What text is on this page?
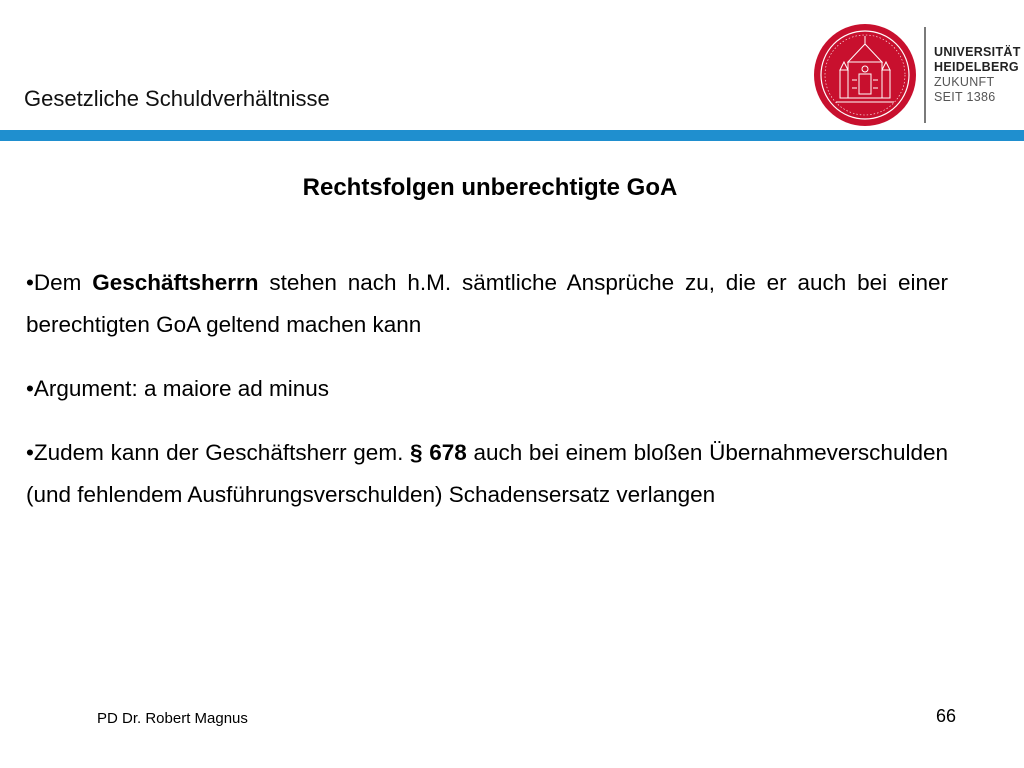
Gesetzliche Schuldverhältnisse
UNIVERSITÄT
HEIDELBERG
ZUKUNFT
SEIT 1386
Rechtsfolgen unberechtigte GoA

•Dem Geschäftsherrn stehen nach h.M. sämtliche Ansprüche zu, die er auch bei einer berechtigten GoA geltend machen kann

•Argument: a maiore ad minus

•Zudem kann der Geschäftsherr gem. § 678 auch bei einem bloßen Übernahmeverschulden (und fehlendem Ausführungsverschulden) Schadensersatz verlangen

PD Dr. Robert Magnus	66
